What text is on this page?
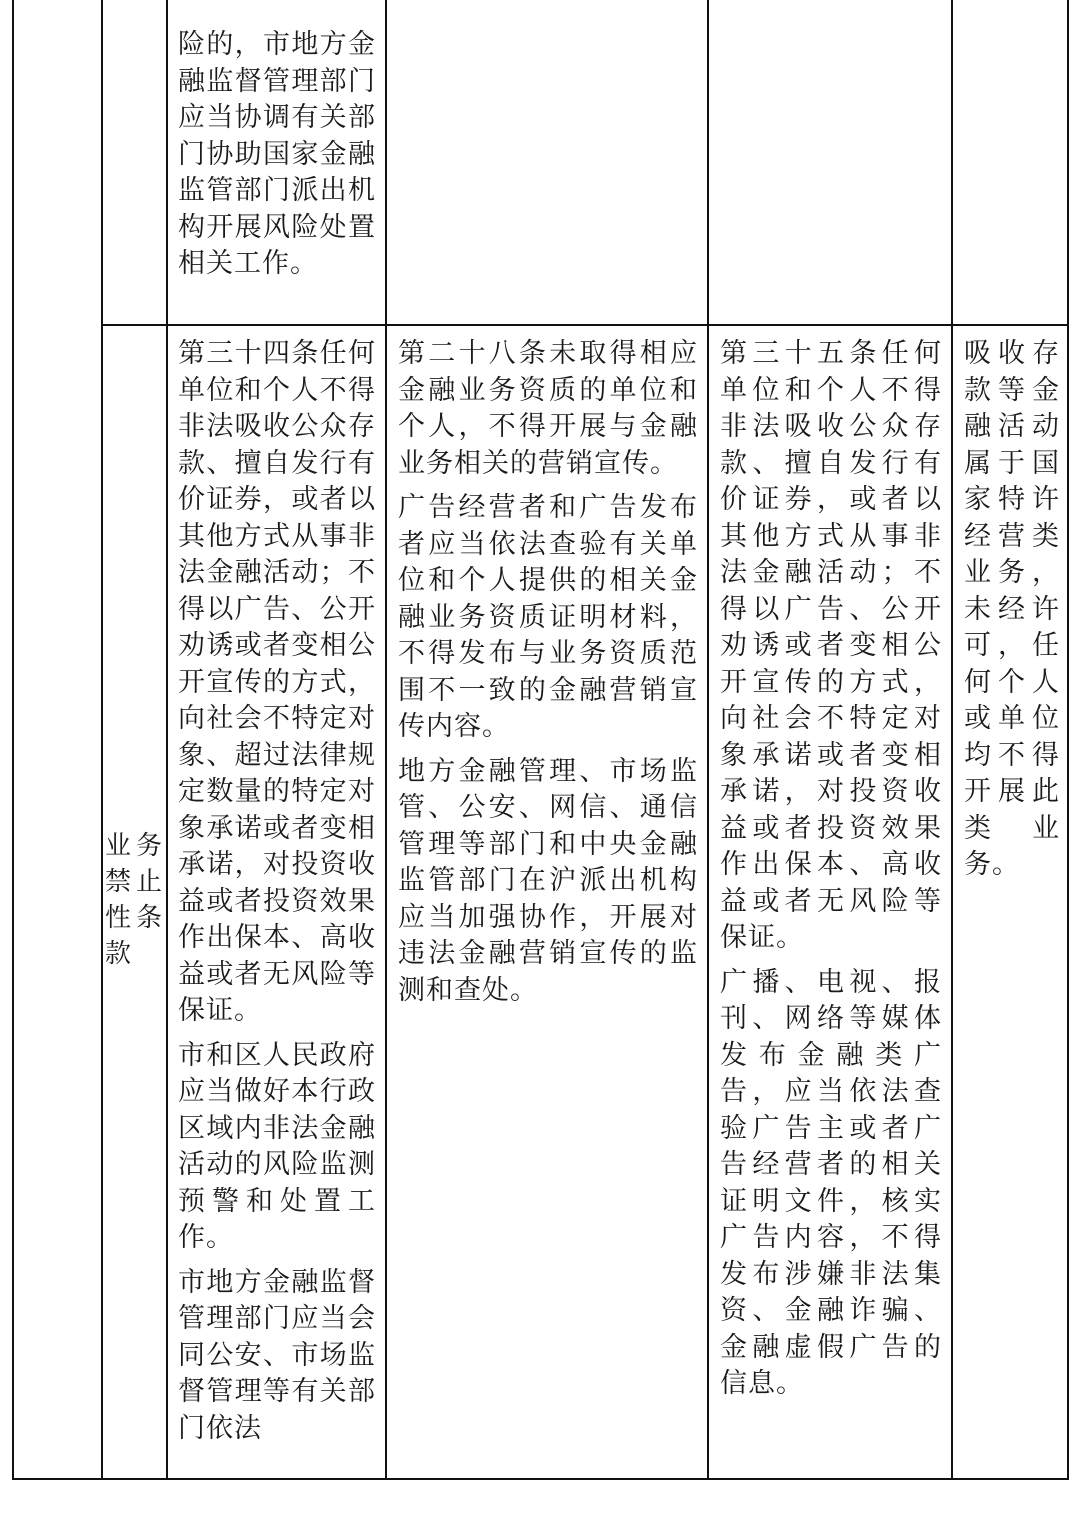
险的，市地方金融监督管理部门应当协调有关部门协助国家金融监管部门派出机构开展风险处置相关工作。

业务禁止性条款

第三十四条任何单位和个人不得非法吸收公众存款、擅自发行有价证券，或者以其他方式从事非法金融活动；不得以广告、公开劝诱或者变相公开宣传的方式，向社会不特定对象、超过法律规定数量的特定对象承诺或者变相承诺，对投资收益或者投资效果作出保本、高收益或者无风险等保证。

市和区人民政府应当做好本行政区域内非法金融活动的风险监测预警和处置工作。

市地方金融监督管理部门应当会同公安、市场监督管理等有关部门依法

第二十八条未取得相应金融业务资质的单位和个人，不得开展与金融业务相关的营销宣传。

广告经营者和广告发布者应当依法查验有关单位和个人提供的相关金融业务资质证明材料，不得发布与业务资质范围不一致的金融营销宣传内容。

地方金融管理、市场监管、公安、网信、通信管理等部门和中央金融监管部门在沪派出机构应当加强协作，开展对违法金融营销宣传的监测和查处。

第三十五条任何单位和个人不得非法吸收公众存款、擅自发行有价证券，或者以其他方式从事非法金融活动；不得以广告、公开劝诱或者变相公开宣传的方式，向社会不特定对象承诺或者变相承诺，对投资收益或者投资效果作出保本、高收益或者无风险等保证。

广播、电视、报刊、网络等媒体发布金融类广告，应当依法查验广告主或者广告经营者的相关证明文件，核实广告内容，不得发布涉嫌非法集资、金融诈骗、金融虚假广告的信息。

吸收存款等金融活动属于国家特许经营类业务，未经许可，任何个人或单位均不得开展此类　业务。
